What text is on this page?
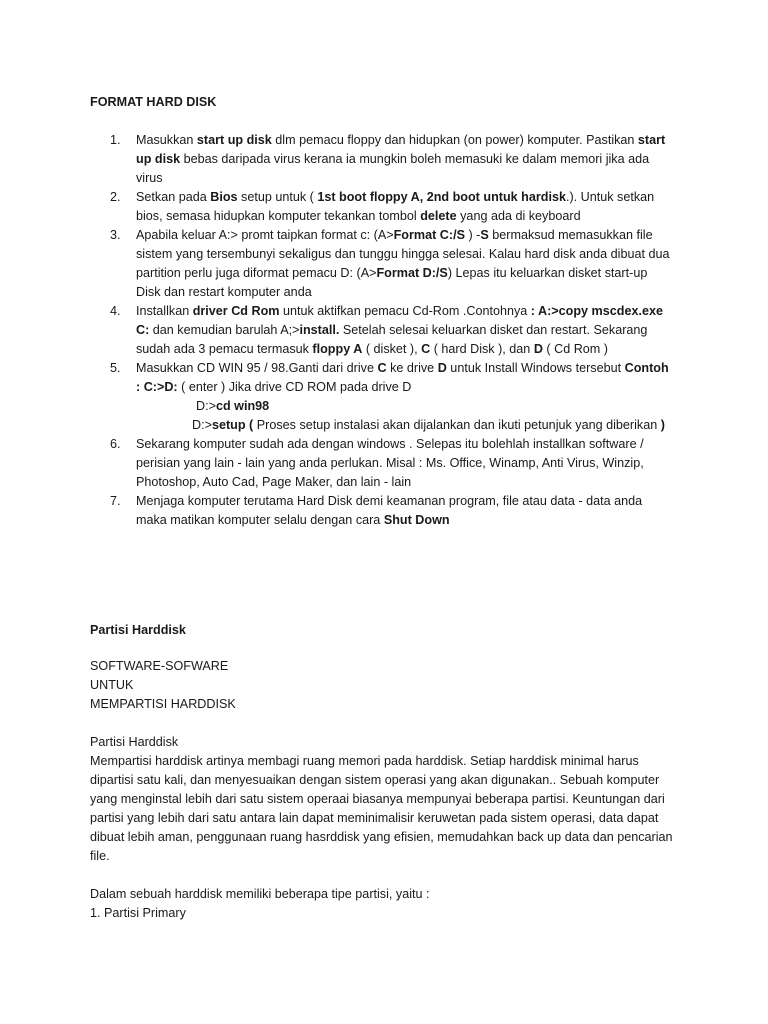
FORMAT HARD DISK
1. Masukkan start up disk dlm pemacu floppy dan hidupkan (on power) komputer. Pastikan start up disk bebas daripada virus kerana ia mungkin boleh memasuki ke dalam memori jika ada virus
2. Setkan pada Bios setup untuk ( 1st boot floppy A, 2nd boot untuk hardisk.). Untuk setkan bios, semasa hidupkan komputer tekankan tombol delete yang ada di keyboard
3. Apabila keluar A:> promt taipkan format c: (A>Format C:/S ) -S bermaksud memasukkan file sistem yang tersembunyi sekaligus dan tunggu hingga selesai. Kalau hard disk anda dibuat dua partition perlu juga diformat pemacu D: (A>Format D:/S) Lepas itu keluarkan disket start-up Disk dan restart komputer anda
4. Installkan driver Cd Rom untuk aktifkan pemacu Cd-Rom .Contohnya : A:>copy mscdex.exe C: dan kemudian barulah A;>install. Setelah selesai keluarkan disket dan restart. Sekarang sudah ada 3 pemacu termasuk floppy A ( disket ), C ( hard Disk ), dan D ( Cd Rom )
5. Masukkan CD WIN 95 / 98.Ganti dari drive C ke drive D untuk Install Windows tersebut Contoh : C:>D: ( enter ) Jika drive CD ROM pada drive D
D:>cd win98
D:>setup ( Proses setup instalasi akan dijalankan dan ikuti petunjuk yang diberikan )
6. Sekarang komputer sudah ada dengan windows . Selepas itu bolehlah installkan software / perisian yang lain - lain yang anda perlukan. Misal : Ms. Office, Winamp, Anti Virus, Winzip, Photoshop, Auto Cad, Page Maker, dan lain - lain
7. Menjaga komputer terutama Hard Disk demi keamanan program, file atau data - data anda maka matikan komputer selalu dengan cara Shut Down
Partisi Harddisk

SOFTWARE-SOFWARE

UNTUK

MEMPARTISI HARDDISK

Partisi Harddisk

Mempartisi harddisk artinya membagi ruang memori pada harddisk. Setiap harddisk minimal harus dipartisi satu kali, dan menyesuaikan dengan sistem operasi yang akan digunakan.. Sebuah komputer yang menginstal lebih dari satu sistem operaai biasanya mempunyai beberapa partisi. Keuntungan dari partisi yang lebih dari satu antara lain dapat meminimalisir keruwetan pada sistem operasi, data dapat dibuat lebih aman, penggunaan ruang hasrddisk yang efisien, memudahkan back up data dan pencarian file.

Dalam sebuah harddisk memiliki beberapa tipe partisi, yaitu :

1. Partisi Primary
